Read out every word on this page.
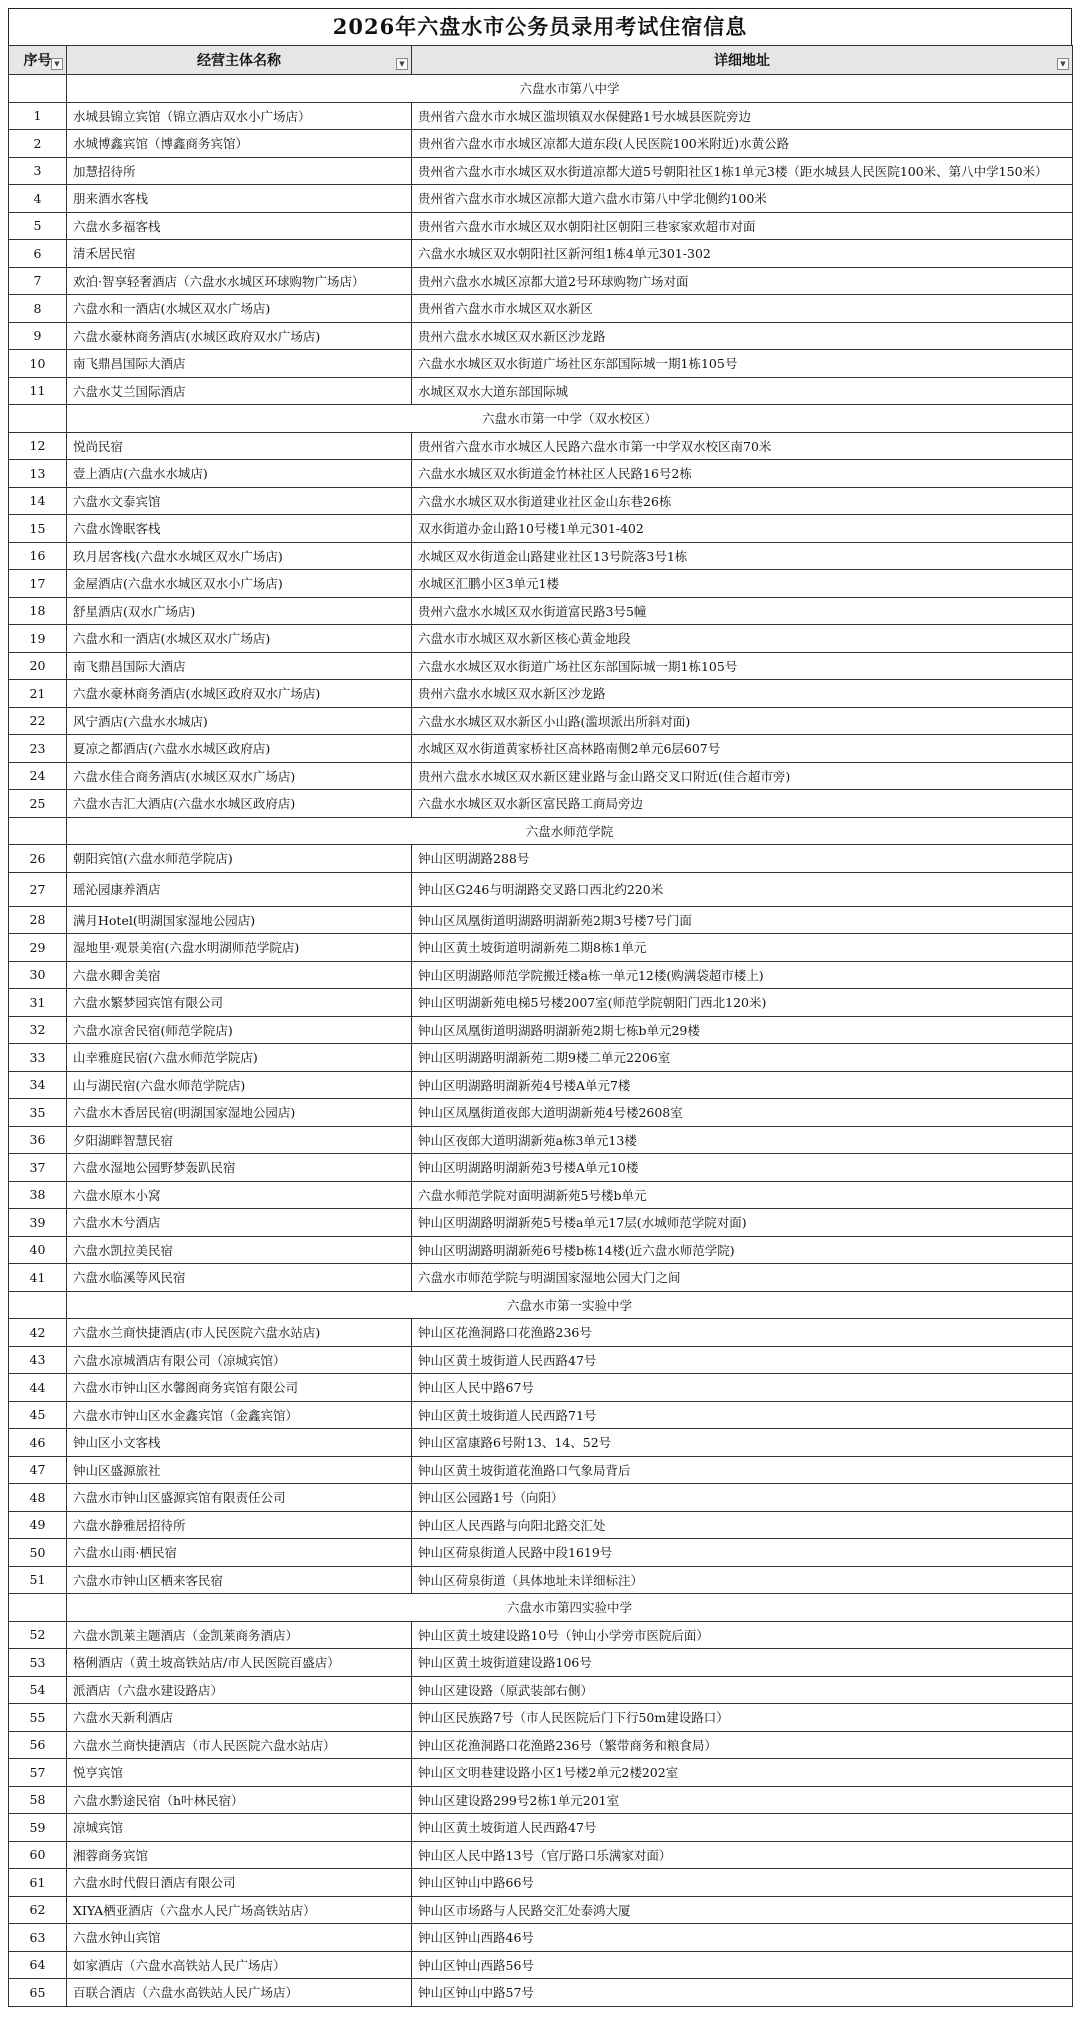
2026年六盘水市公务员录用考试住宿信息
序号 ▼	经营主体名称 ▼	详细地址 ▼

	六盘水市第八中学	
1	水城县锦立宾馆（锦立酒店双水小广场店）	贵州省六盘水市水城区滥坝镇双水保健路1号水城县医院旁边
2	水城博鑫宾馆（博鑫商务宾馆）	贵州省六盘水市水城区凉都大道东段(人民医院100米附近)水黄公路
3	加慧招待所	贵州省六盘水市水城区双水街道凉都大道5号朝阳社区1栋1单元3楼（距水城县人民医院100米、第八中学150米）
4	朋来酒水客栈	贵州省六盘水市水城区凉都大道六盘水市第八中学北侧约100米
5	六盘水多福客栈	贵州省六盘水市水城区双水朝阳社区朝阳三巷家家欢超市对面
6	清禾居民宿	六盘水水城区双水朝阳社区新河组1栋4单元301-302
7	欢泊·智享轻奢酒店（六盘水水城区环球购物广场店）	贵州六盘水水城区凉都大道2号环球购物广场对面
8	六盘水和一酒店(水城区双水广场店)	贵州省六盘水市水城区双水新区
9	六盘水豪林商务酒店(水城区政府双水广场店)	贵州六盘水水城区双水新区沙龙路
10	南飞鼎昌国际大酒店	六盘水水城区双水街道广场社区东部国际城一期1栋105号
11	六盘水艾兰国际酒店	水城区双水大道东部国际城
	六盘水市第一中学（双水校区）	
12	悦尚民宿	贵州省六盘水市水城区人民路六盘水市第一中学双水校区南70米
13	壹上酒店(六盘水水城店)	六盘水水城区双水街道金竹林社区人民路16号2栋
14	六盘水文泰宾馆	六盘水水城区双水街道建业社区金山东巷26栋
15	六盘水馋眠客栈	双水街道办金山路10号楼1单元301-402
16	玖月居客栈(六盘水水城区双水广场店)	水城区双水街道金山路建业社区13号院落3号1栋
17	金屋酒店(六盘水水城区双水小广场店)	水城区汇鹏小区3单元1楼
18	舒星酒店(双水广场店)	贵州六盘水水城区双水街道富民路3号5幢
19	六盘水和一酒店(水城区双水广场店)	六盘水市水城区双水新区核心黄金地段
20	南飞鼎昌国际大酒店	六盘水水城区双水街道广场社区东部国际城一期1栋105号
21	六盘水豪林商务酒店(水城区政府双水广场店)	贵州六盘水水城区双水新区沙龙路
22	风宁酒店(六盘水水城店)	六盘水水城区双水新区小山路(滥坝派出所斜对面)
23	夏凉之都酒店(六盘水水城区政府店)	水城区双水街道黄家桥社区高林路南侧2单元6层607号
24	六盘水佳合商务酒店(水城区双水广场店)	贵州六盘水水城区双水新区建业路与金山路交叉口附近(佳合超市旁)
25	六盘水吉汇大酒店(六盘水水城区政府店)	六盘水水城区双水新区富民路工商局旁边
	六盘水师范学院	
26	朝阳宾馆(六盘水师范学院店)	钟山区明湖路288号
27	瑶沁园康养酒店	钟山区G246与明湖路交叉路口西北约220米
28	满月Hotel(明湖国家湿地公园店)	钟山区凤凰街道明湖路明湖新苑2期3号楼7号门面
29	湿地里·观景美宿(六盘水明湖师范学院店)	钟山区黄土坡街道明湖新苑二期8栋1单元
30	六盘水卿舍美宿	钟山区明湖路师范学院搬迁楼a栋一单元12楼(购满袋超市楼上)
31	六盘水繁梦园宾馆有限公司	钟山区明湖新苑电梯5号楼2007室(师范学院朝阳门西北120米)
32	六盘水凉舍民宿(师范学院店)	钟山区凤凰街道明湖路明湖新苑2期七栋b单元29楼
33	山幸雅庭民宿(六盘水师范学院店)	钟山区明湖路明湖新苑二期9楼二单元2206室
34	山与湖民宿(六盘水师范学院店)	钟山区明湖路明湖新苑4号楼A单元7楼
35	六盘水木香居民宿(明湖国家湿地公园店)	钟山区凤凰街道夜郎大道明湖新苑4号楼2608室
36	夕阳湖畔智慧民宿	钟山区夜郎大道明湖新苑a栋3单元13楼
37	六盘水湿地公园野梦轰趴民宿	钟山区明湖路明湖新苑3号楼A单元10楼
38	六盘水原木小窝	六盘水师范学院对面明湖新苑5号楼b单元
39	六盘水木兮酒店	钟山区明湖路明湖新苑5号楼a单元17层(水城师范学院对面)
40	六盘水凯拉美民宿	钟山区明湖路明湖新苑6号楼b栋14楼(近六盘水师范学院)
41	六盘水临溪等风民宿	六盘水市师范学院与明湖国家湿地公园大门之间
	六盘水市第一实验中学	
42	六盘水兰商快捷酒店(市人民医院六盘水站店)	钟山区花渔洞路口花渔路236号
43	六盘水凉城酒店有限公司（凉城宾馆）	钟山区黄土坡街道人民西路47号
44	六盘水市钟山区水馨阁商务宾馆有限公司	钟山区人民中路67号
45	六盘水市钟山区水金鑫宾馆（金鑫宾馆）	钟山区黄土坡街道人民西路71号
46	钟山区小文客栈	钟山区富康路6号附13、14、52号
47	钟山区盛源旅社	钟山区黄土坡街道花渔路口气象局背后
48	六盘水市钟山区盛源宾馆有限责任公司	钟山区公园路1号（向阳）
49	六盘水静雅居招待所	钟山区人民西路与向阳北路交汇处
50	六盘水山雨·栖民宿	钟山区荷泉街道人民路中段1619号
51	六盘水市钟山区栖来客民宿	钟山区荷泉街道（具体地址未详细标注）
	六盘水市第四实验中学	
52	六盘水凯莱主题酒店（金凯莱商务酒店）	钟山区黄土坡建设路10号（钟山小学旁市医院后面）
53	格俐酒店（黄土坡高铁站店/市人民医院百盛店）	钟山区黄土坡街道建设路106号
54	派酒店（六盘水建设路店）	钟山区建设路（原武装部右侧）
55	六盘水天新利酒店	钟山区民族路7号（市人民医院后门下行50m建设路口）
56	六盘水兰商快捷酒店（市人民医院六盘水站店）	钟山区花渔洞路口花渔路236号（繁带商务和粮食局）
57	悦亨宾馆	钟山区文明巷建设路小区1号楼2单元2楼202室
58	六盘水黔途民宿（h叶林民宿）	钟山区建设路299号2栋1单元201室
59	凉城宾馆	钟山区黄土坡街道人民西路47号
60	湘蓉商务宾馆	钟山区人民中路13号（官厅路口乐满家对面）
61	六盘水时代假日酒店有限公司	钟山区钟山中路66号
62	XIYA栖亚酒店（六盘水人民广场高铁站店）	钟山区市场路与人民路交汇处泰鸿大厦
63	六盘水钟山宾馆	钟山区钟山西路46号
64	如家酒店（六盘水高铁站人民广场店）	钟山区钟山西路56号
65	百联合酒店（六盘水高铁站人民广场店）	钟山区钟山中路57号
